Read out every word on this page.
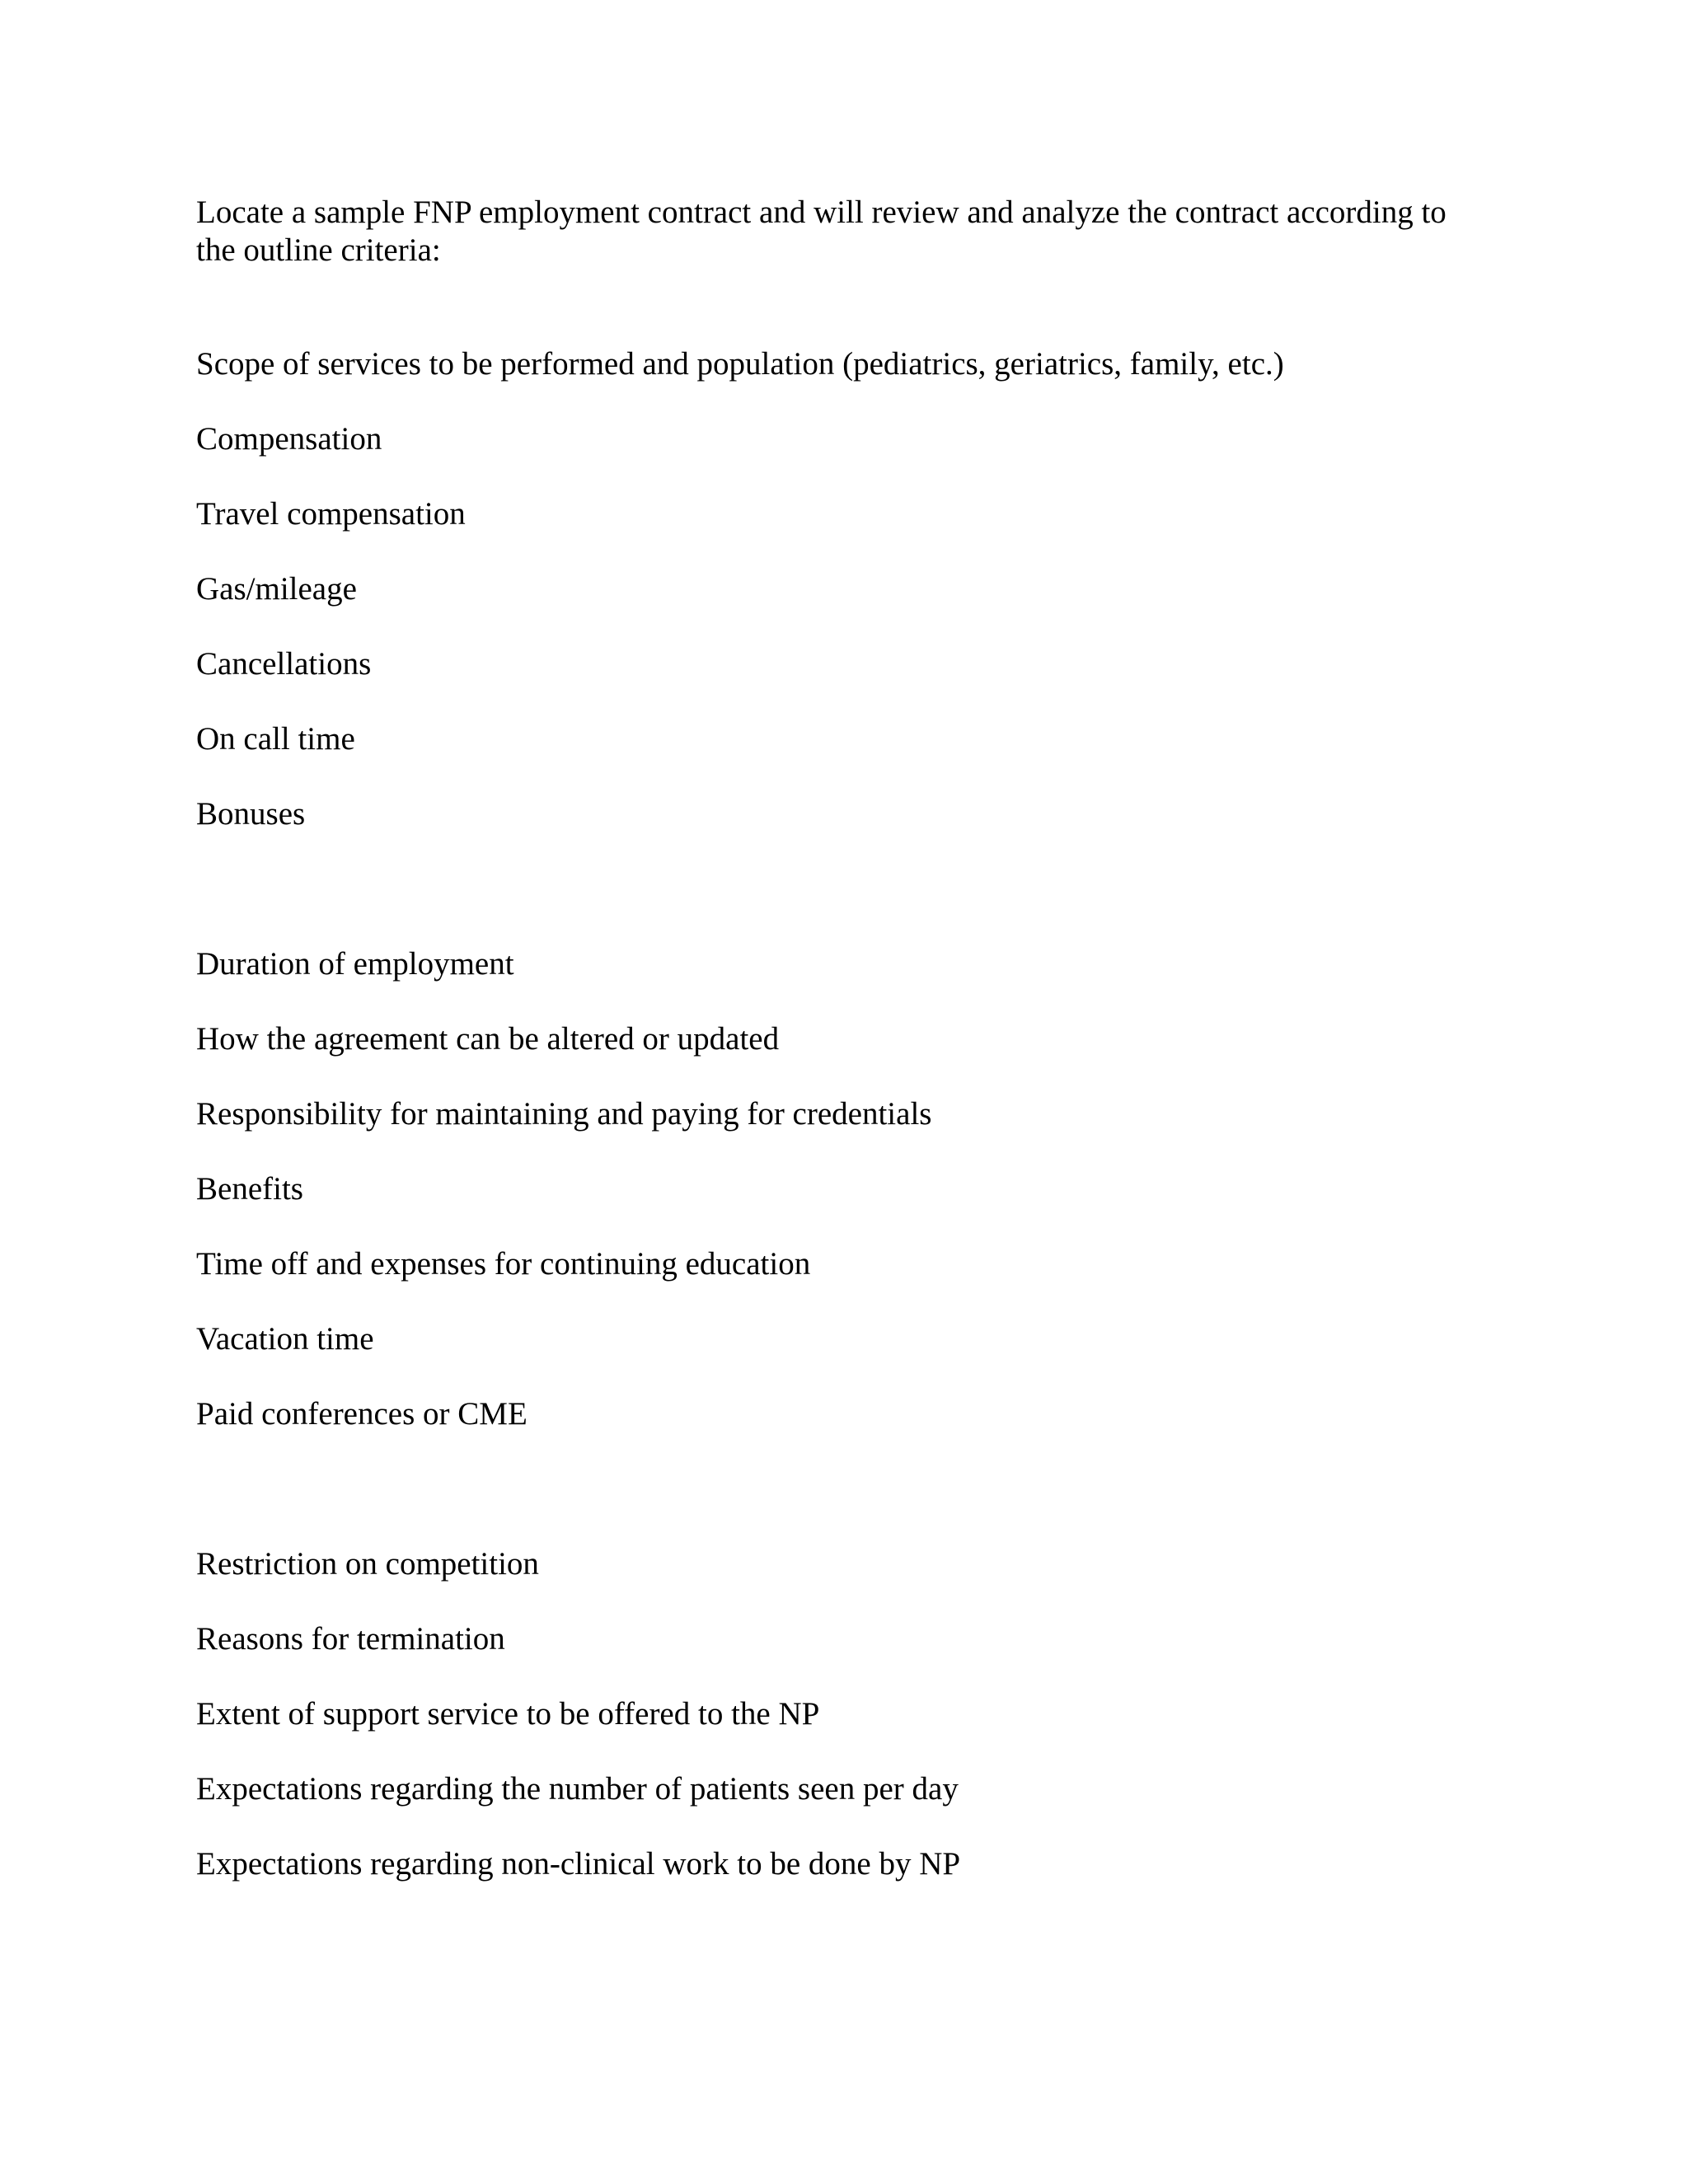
Locate a sample FNP employment contract and will review and analyze the contract according to
the outline criteria:

Scope of services to be performed and population (pediatrics, geriatrics, family, etc.)

Compensation

Travel compensation

Gas/mileage

Cancellations

On call time

Bonuses

Duration of employment

How the agreement can be altered or updated

Responsibility for maintaining and paying for credentials

Benefits

Time off and expenses for continuing education

Vacation time

Paid conferences or CME

Restriction on competition

Reasons for termination

Extent of support service to be offered to the NP

Expectations regarding the number of patients seen per day

Expectations regarding non-clinical work to be done by NP
